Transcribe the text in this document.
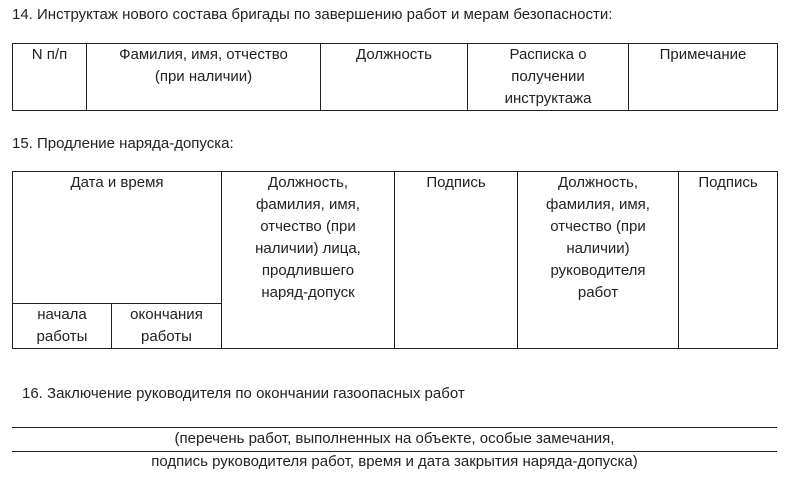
14. Инструктаж нового состава бригады по завершению работ и мерам безопасности:
N п/п	Фамилия, имя, отчество (при наличии)	Должность	Расписка о получении инструктажа	Примечание
15. Продление наряда-допуска:
Дата и время		Должность, фамилия, имя, отчество (при наличии) лица, продлившего наряд-допуск	Подпись	Должность, фамилия, имя, отчество (при наличии) руководителя работ	Подпись
начала работы	окончания работы				
16. Заключение руководителя по окончании газоопасных работ
(перечень работ, выполненных на объекте, особые замечания,
подпись руководителя работ, время и дата закрытия наряда-допуска)
